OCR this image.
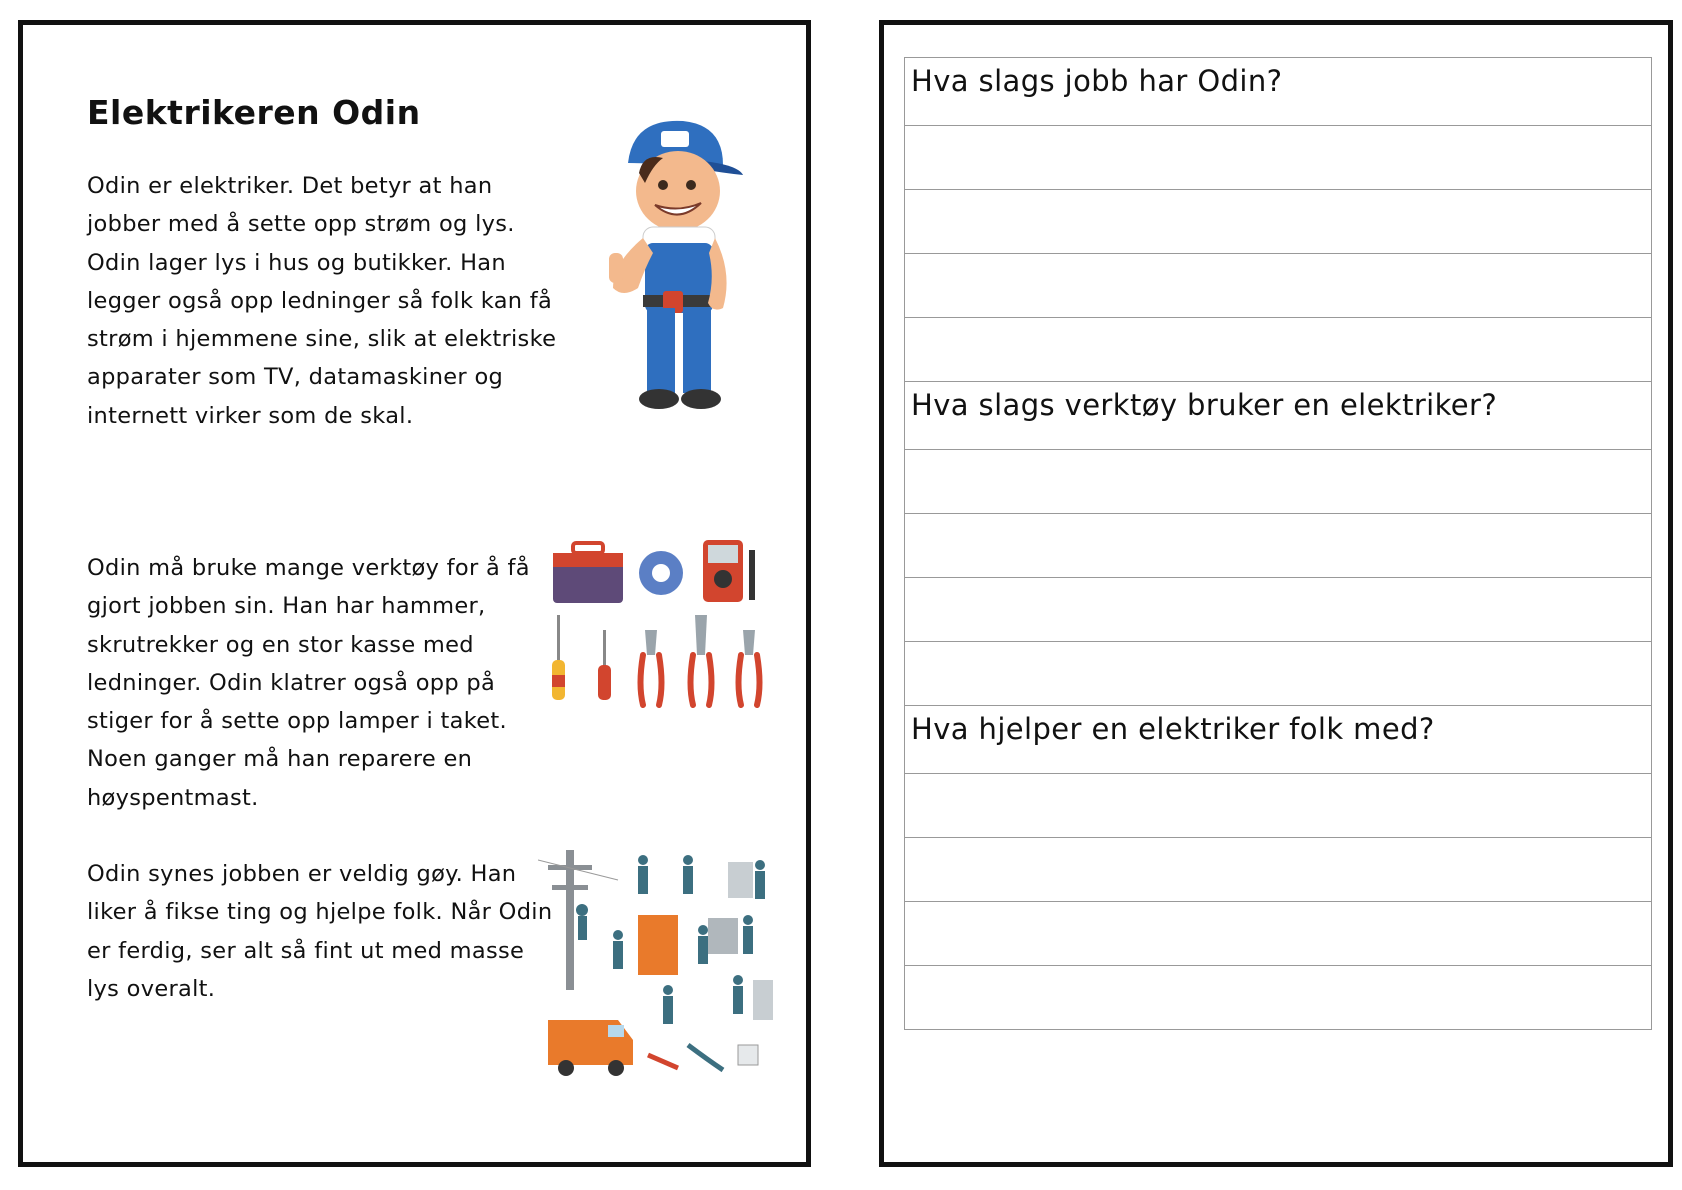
Elektrikeren Odin

Odin er elektriker. Det betyr at han jobber med å sette opp strøm og lys. Odin lager lys i hus og butikker. Han legger også opp ledninger så folk kan få strøm i hjemmene sine, slik at elektriske apparater som TV, datamaskiner og internett virker som de skal.

Odin må bruke mange verktøy for å få gjort jobben sin. Han har hammer, skrutrekker og en stor kasse med ledninger. Odin klatrer også opp på stiger for å sette opp lamper i taket. Noen ganger må han reparere en høyspentmast.

Odin synes jobben er veldig gøy. Han liker å fikse ting og hjelpe folk. Når Odin er ferdig, ser alt så fint ut med masse lys overalt.

Hva slags jobb har Odin?
Hva slags verktøy bruker en elektriker?
Hva hjelper en elektriker folk med?
